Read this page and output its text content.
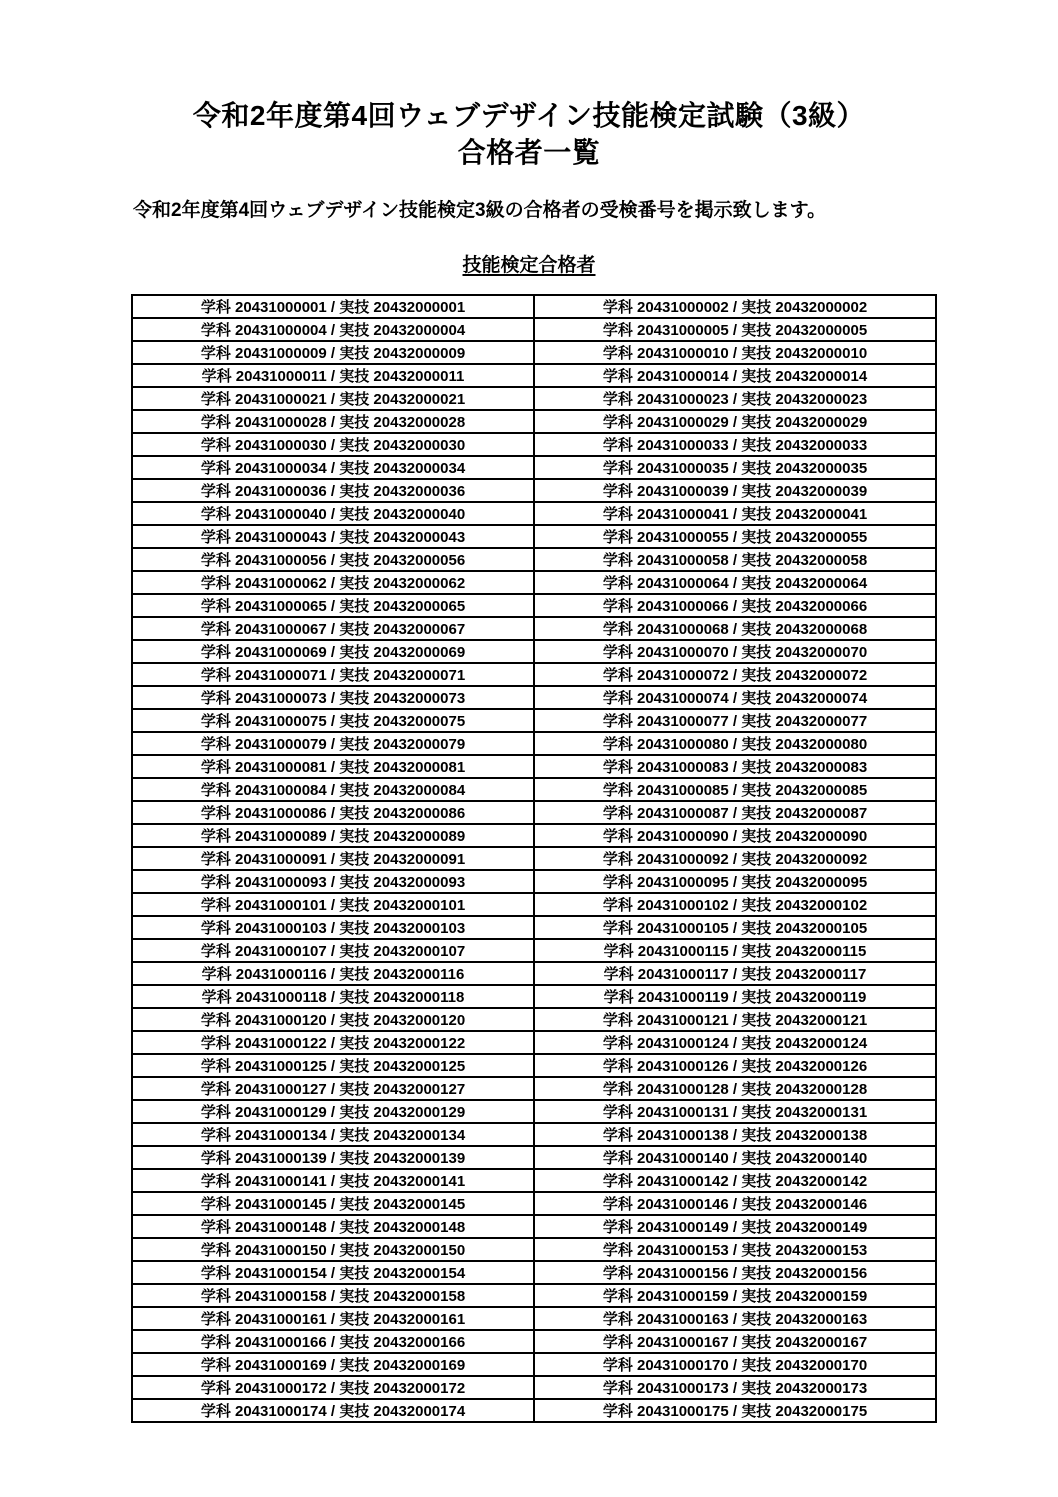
令和2年度第4回ウェブデザイン技能検定試験（3級）
合格者一覧

令和2年度第4回ウェブデザイン技能検定3級の合格者の受検番号を掲示致します。

技能検定合格者
学科 20431000001 / 実技 20432000001	学科 20431000002 / 実技 20432000002
学科 20431000004 / 実技 20432000004	学科 20431000005 / 実技 20432000005
学科 20431000009 / 実技 20432000009	学科 20431000010 / 実技 20432000010
学科 20431000011 / 実技 20432000011	学科 20431000014 / 実技 20432000014
学科 20431000021 / 実技 20432000021	学科 20431000023 / 実技 20432000023
学科 20431000028 / 実技 20432000028	学科 20431000029 / 実技 20432000029
学科 20431000030 / 実技 20432000030	学科 20431000033 / 実技 20432000033
学科 20431000034 / 実技 20432000034	学科 20431000035 / 実技 20432000035
学科 20431000036 / 実技 20432000036	学科 20431000039 / 実技 20432000039
学科 20431000040 / 実技 20432000040	学科 20431000041 / 実技 20432000041
学科 20431000043 / 実技 20432000043	学科 20431000055 / 実技 20432000055
学科 20431000056 / 実技 20432000056	学科 20431000058 / 実技 20432000058
学科 20431000062 / 実技 20432000062	学科 20431000064 / 実技 20432000064
学科 20431000065 / 実技 20432000065	学科 20431000066 / 実技 20432000066
学科 20431000067 / 実技 20432000067	学科 20431000068 / 実技 20432000068
学科 20431000069 / 実技 20432000069	学科 20431000070 / 実技 20432000070
学科 20431000071 / 実技 20432000071	学科 20431000072 / 実技 20432000072
学科 20431000073 / 実技 20432000073	学科 20431000074 / 実技 20432000074
学科 20431000075 / 実技 20432000075	学科 20431000077 / 実技 20432000077
学科 20431000079 / 実技 20432000079	学科 20431000080 / 実技 20432000080
学科 20431000081 / 実技 20432000081	学科 20431000083 / 実技 20432000083
学科 20431000084 / 実技 20432000084	学科 20431000085 / 実技 20432000085
学科 20431000086 / 実技 20432000086	学科 20431000087 / 実技 20432000087
学科 20431000089 / 実技 20432000089	学科 20431000090 / 実技 20432000090
学科 20431000091 / 実技 20432000091	学科 20431000092 / 実技 20432000092
学科 20431000093 / 実技 20432000093	学科 20431000095 / 実技 20432000095
学科 20431000101 / 実技 20432000101	学科 20431000102 / 実技 20432000102
学科 20431000103 / 実技 20432000103	学科 20431000105 / 実技 20432000105
学科 20431000107 / 実技 20432000107	学科 20431000115 / 実技 20432000115
学科 20431000116 / 実技 20432000116	学科 20431000117 / 実技 20432000117
学科 20431000118 / 実技 20432000118	学科 20431000119 / 実技 20432000119
学科 20431000120 / 実技 20432000120	学科 20431000121 / 実技 20432000121
学科 20431000122 / 実技 20432000122	学科 20431000124 / 実技 20432000124
学科 20431000125 / 実技 20432000125	学科 20431000126 / 実技 20432000126
学科 20431000127 / 実技 20432000127	学科 20431000128 / 実技 20432000128
学科 20431000129 / 実技 20432000129	学科 20431000131 / 実技 20432000131
学科 20431000134 / 実技 20432000134	学科 20431000138 / 実技 20432000138
学科 20431000139 / 実技 20432000139	学科 20431000140 / 実技 20432000140
学科 20431000141 / 実技 20432000141	学科 20431000142 / 実技 20432000142
学科 20431000145 / 実技 20432000145	学科 20431000146 / 実技 20432000146
学科 20431000148 / 実技 20432000148	学科 20431000149 / 実技 20432000149
学科 20431000150 / 実技 20432000150	学科 20431000153 / 実技 20432000153
学科 20431000154 / 実技 20432000154	学科 20431000156 / 実技 20432000156
学科 20431000158 / 実技 20432000158	学科 20431000159 / 実技 20432000159
学科 20431000161 / 実技 20432000161	学科 20431000163 / 実技 20432000163
学科 20431000166 / 実技 20432000166	学科 20431000167 / 実技 20432000167
学科 20431000169 / 実技 20432000169	学科 20431000170 / 実技 20432000170
学科 20431000172 / 実技 20432000172	学科 20431000173 / 実技 20432000173
学科 20431000174 / 実技 20432000174	学科 20431000175 / 実技 20432000175
